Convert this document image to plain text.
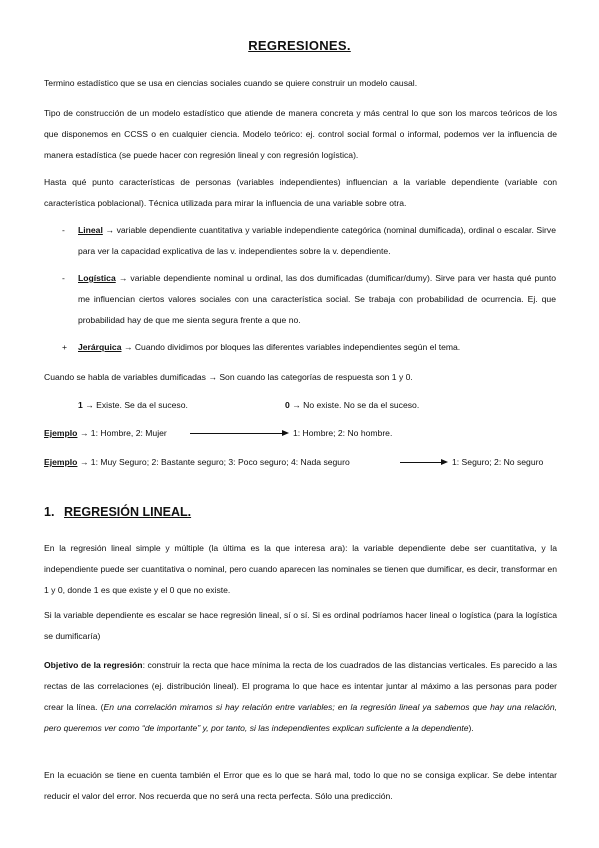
REGRESIONES.
Termino estadístico que se usa en ciencias sociales cuando se quiere construir un modelo causal.
Tipo de construcción de un modelo estadístico que atiende de manera concreta y más central lo que son los marcos teóricos de los que disponemos en CCSS o en cualquier ciencia. Modelo teórico: ej. control social formal o informal, podemos ver la influencia de manera estadística (se puede hacer con regresión lineal y con regresión logística).
Hasta qué punto características de personas (variables independientes) influencian a la variable dependiente (variable con característica poblacional). Técnica utilizada para mirar la influencia de una variable sobre otra.
- Lineal → variable dependiente cuantitativa y variable independiente categórica (nominal dumificada), ordinal o escalar. Sirve para ver la capacidad explicativa de las v. independientes sobre la v. dependiente.
- Logística → variable dependiente nominal u ordinal, las dos dumificadas (dumificar/dumy). Sirve para ver hasta qué punto me influencian ciertos valores sociales con una característica social. Se trabaja con probabilidad de ocurrencia. Ej. que probabilidad hay de que me sienta segura frente a que no.
+ Jerárquica → Cuando dividimos por bloques las diferentes variables independientes según el tema.
Cuando se habla de variables dumificadas → Son cuando las categorías de respuesta son 1 y 0.
1 → Existe. Se da el suceso.	0 → No existe. No se da el suceso.
Ejemplo → 1: Hombre, 2: Mujer	1: Hombre; 2: No hombre.
Ejemplo → 1: Muy Seguro; 2: Bastante seguro; 3: Poco seguro; 4: Nada seguro	1: Seguro; 2: No seguro
1. REGRESIÓN LINEAL.
En la regresión lineal simple y múltiple (la última es la que interesa ara): la variable dependiente debe ser cuantitativa, y la independiente puede ser cuantitativa o nominal, pero cuando aparecen las nominales se tienen que dumificar, es decir, transformar en 1 y 0, donde 1 es que existe y el 0 que no existe.
Si la variable dependiente es escalar se hace regresión lineal, sí o sí. Si es ordinal podríamos hacer lineal o logística (para la logística se dumificaría)
Objetivo de la regresión: construir la recta que hace mínima la recta de los cuadrados de las distancias verticales. Es parecido a las rectas de las correlaciones (ej. distribución lineal). El programa lo que hace es intentar juntar al máximo a las personas para poder crear la línea. (En una correlación miramos si hay relación entre variables; en la regresión lineal ya sabemos que hay una relación, pero queremos ver como “de importante” y, por tanto, si las independientes explican suficiente a la dependiente).
En la ecuación se tiene en cuenta también el Error que es lo que se hará mal, todo lo que no se consiga explicar. Se debe intentar reducir el valor del error. Nos recuerda que no será una recta perfecta. Sólo una predicción.
